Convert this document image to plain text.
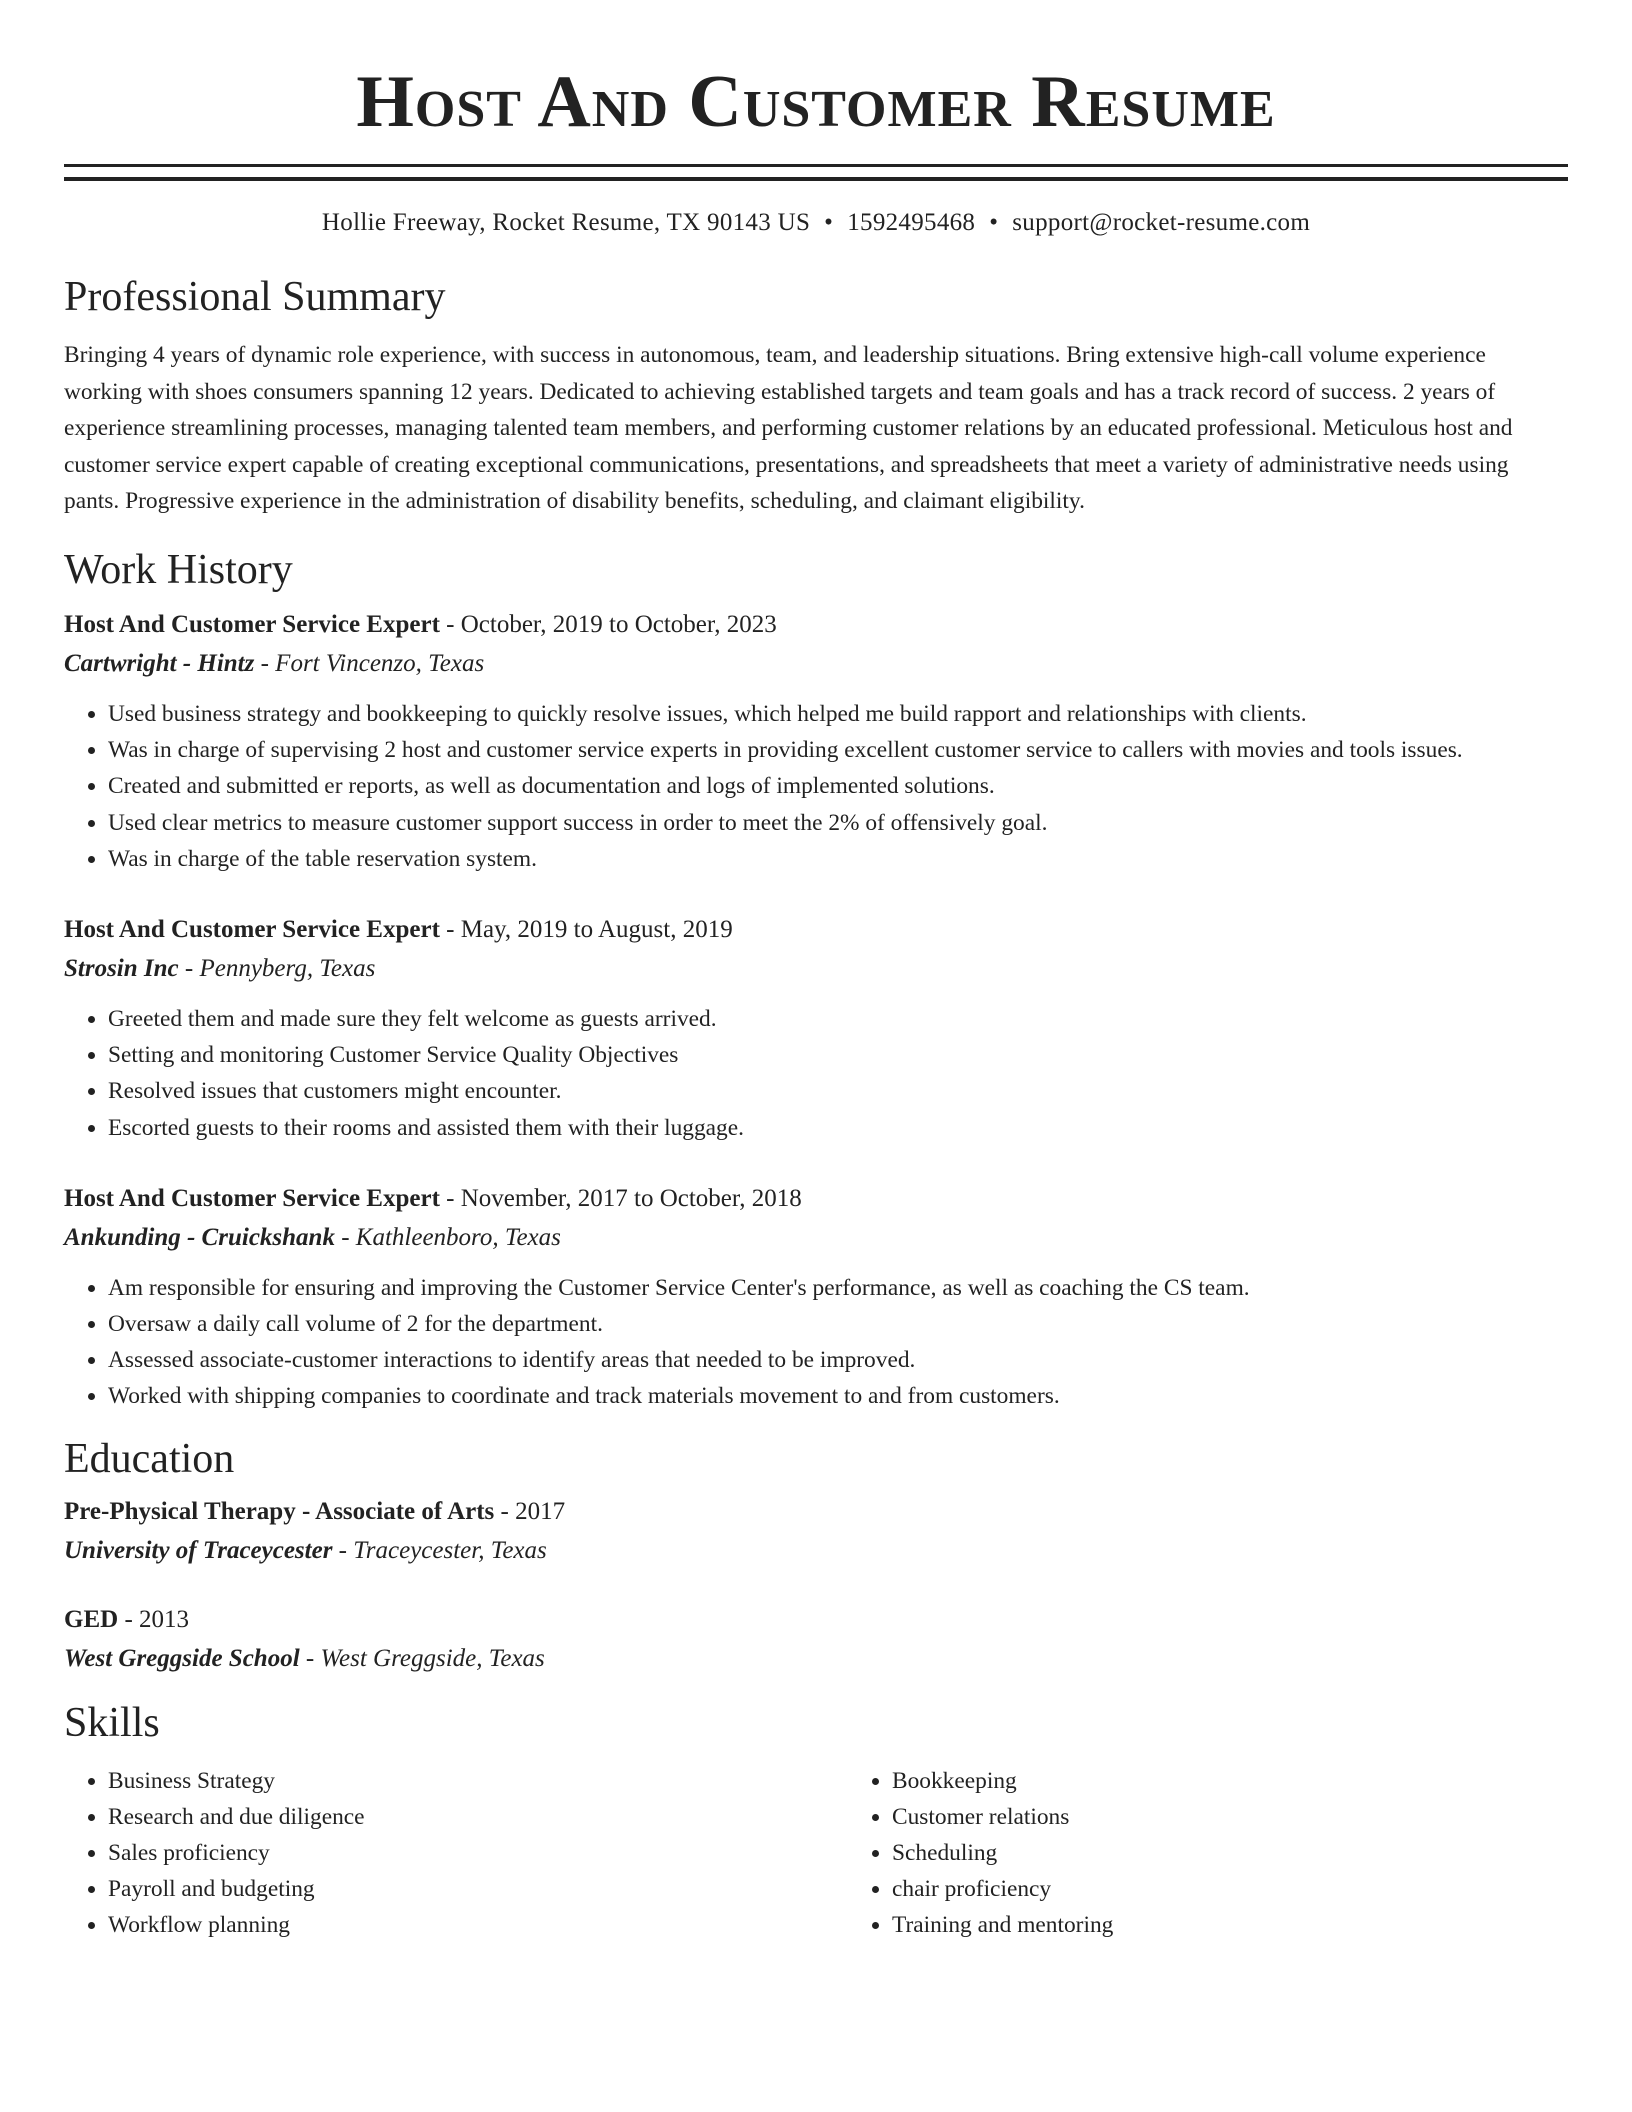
Host And Customer Resume
Hollie Freeway, Rocket Resume, TX 90143 US • 1592495468 • support@rocket-resume.com
Professional Summary

Bringing 4 years of dynamic role experience, with success in autonomous, team, and leadership situations. Bring extensive high-call volume experience working with shoes consumers spanning 12 years. Dedicated to achieving established targets and team goals and has a track record of success. 2 years of experience streamlining processes, managing talented team members, and performing customer relations by an educated professional. Meticulous host and customer service expert capable of creating exceptional communications, presentations, and spreadsheets that meet a variety of administrative needs using pants. Progressive experience in the administration of disability benefits, scheduling, and claimant eligibility.

Work History
Host And Customer Service Expert - October, 2019 to October, 2023
Cartwright - Hintz - Fort Vincenzo, Texas
• Used business strategy and bookkeeping to quickly resolve issues, which helped me build rapport and relationships with clients.
• Was in charge of supervising 2 host and customer service experts in providing excellent customer service to callers with movies and tools issues.
• Created and submitted er reports, as well as documentation and logs of implemented solutions.
• Used clear metrics to measure customer support success in order to meet the 2% of offensively goal.
• Was in charge of the table reservation system.
Host And Customer Service Expert - May, 2019 to August, 2019
Strosin Inc - Pennyberg, Texas
• Greeted them and made sure they felt welcome as guests arrived.
• Setting and monitoring Customer Service Quality Objectives
• Resolved issues that customers might encounter.
• Escorted guests to their rooms and assisted them with their luggage.
Host And Customer Service Expert - November, 2017 to October, 2018
Ankunding - Cruickshank - Kathleenboro, Texas
• Am responsible for ensuring and improving the Customer Service Center's performance, as well as coaching the CS team.
• Oversaw a daily call volume of 2 for the department.
• Assessed associate-customer interactions to identify areas that needed to be improved.
• Worked with shipping companies to coordinate and track materials movement to and from customers.
Education
Pre-Physical Therapy - Associate of Arts - 2017
University of Traceycester - Traceycester, Texas
GED - 2013
West Greggside School - West Greggside, Texas
Skills
• Business Strategy
• Research and due diligence
• Sales proficiency
• Payroll and budgeting
• Workflow planning
• Bookkeeping
• Customer relations
• Scheduling
• chair proficiency
• Training and mentoring
